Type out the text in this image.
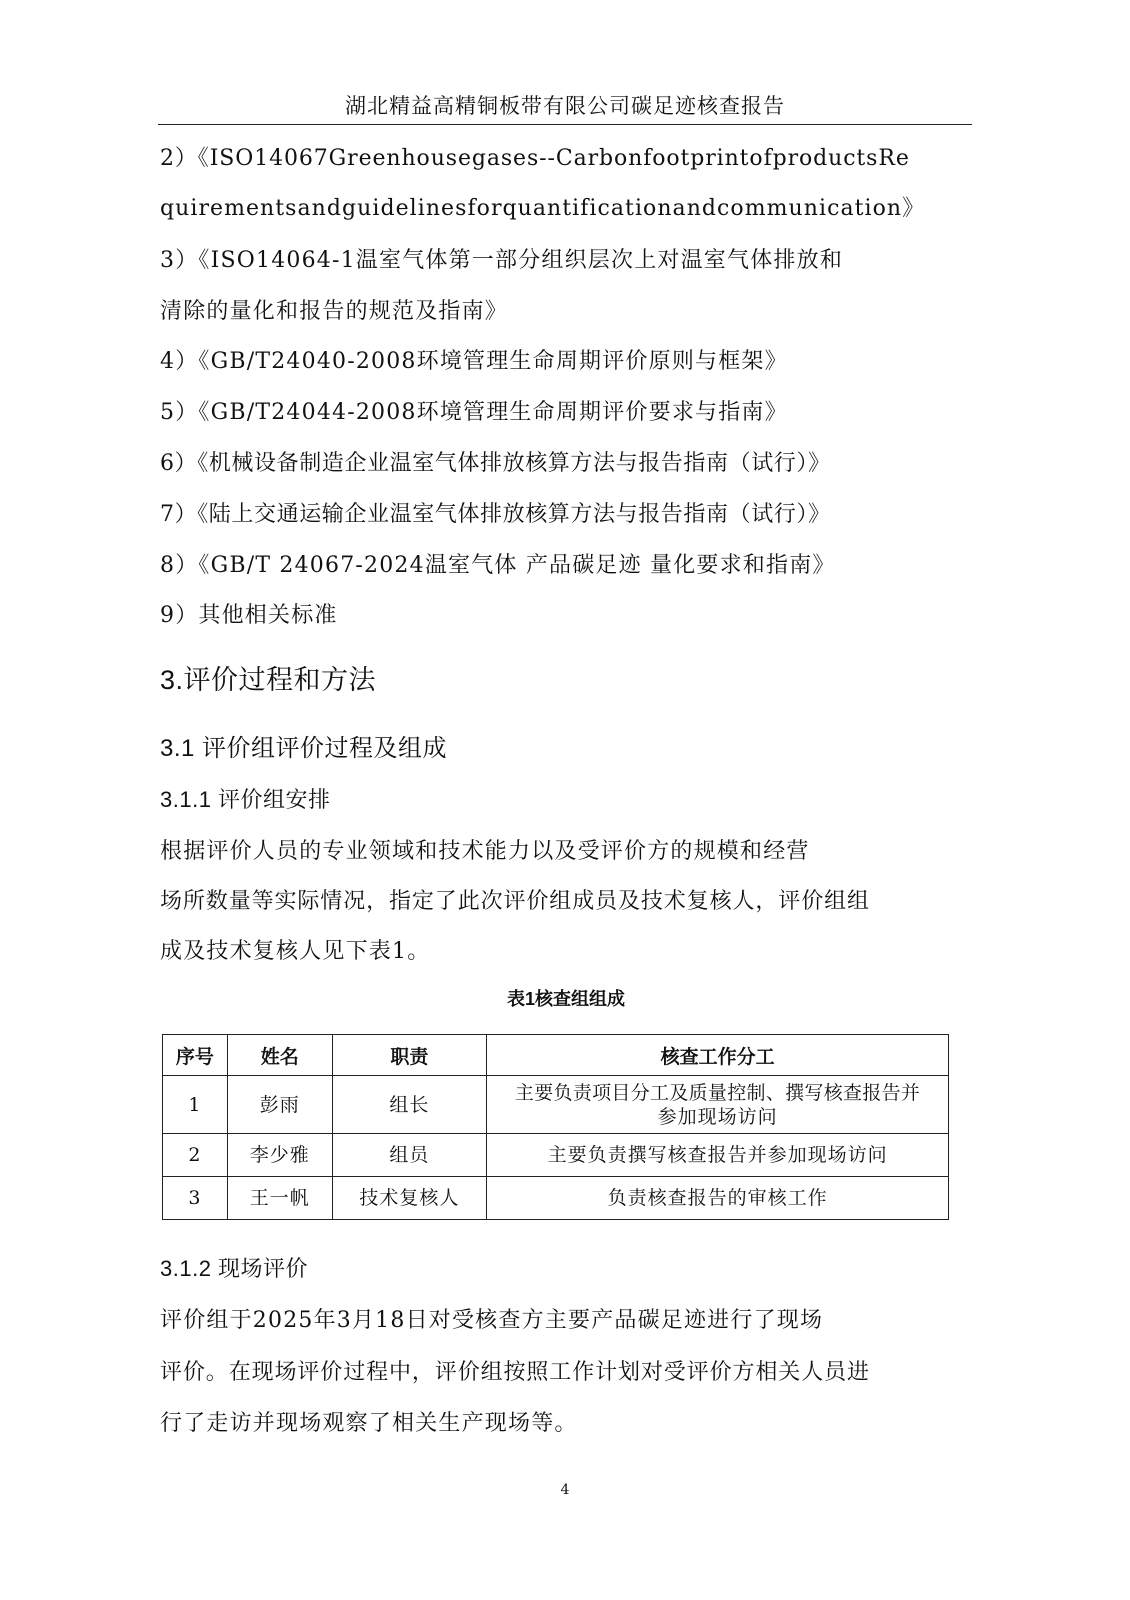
湖北精益高精铜板带有限公司碳足迹核查报告
2）《ISO14067Greenhousegases--CarbonfootprintofproductsRe
quirementsandguidelinesforquantificationandcommunication》
3）《ISO14064-1温室气体第一部分组织层次上对温室气体排放和
清除的量化和报告的规范及指南》
4）《GB/T24040-2008环境管理生命周期评价原则与框架》
5）《GB/T24044-2008环境管理生命周期评价要求与指南》
6）《机械设备制造企业温室气体排放核算方法与报告指南（试行）》
7）《陆上交通运输企业温室气体排放核算方法与报告指南（试行）》
8）《GB/T 24067-2024温室气体 产品碳足迹 量化要求和指南》
9）其他相关标准
3.评价过程和方法
3.1 评价组评价过程及组成
3.1.1 评价组安排
根据评价人员的专业领域和技术能力以及受评价方的规模和经营
场所数量等实际情况，指定了此次评价组成员及技术复核人，评价组组
成及技术复核人见下表1。
表1核查组组成
序号	姓名	职责	核查工作分工
1	彭雨	组长	主要负责项目分工及质量控制、撰写核查报告并
参加现场访问

2	李少雅	组员	主要负责撰写核查报告并参加现场访问
3	王一帆	技术复核人	负责核查报告的审核工作
3.1.2 现场评价
评价组于2025年3月18日对受核查方主要产品碳足迹进行了现场
评价。在现场评价过程中，评价组按照工作计划对受评价方相关人员进
行了走访并现场观察了相关生产现场等。
4
